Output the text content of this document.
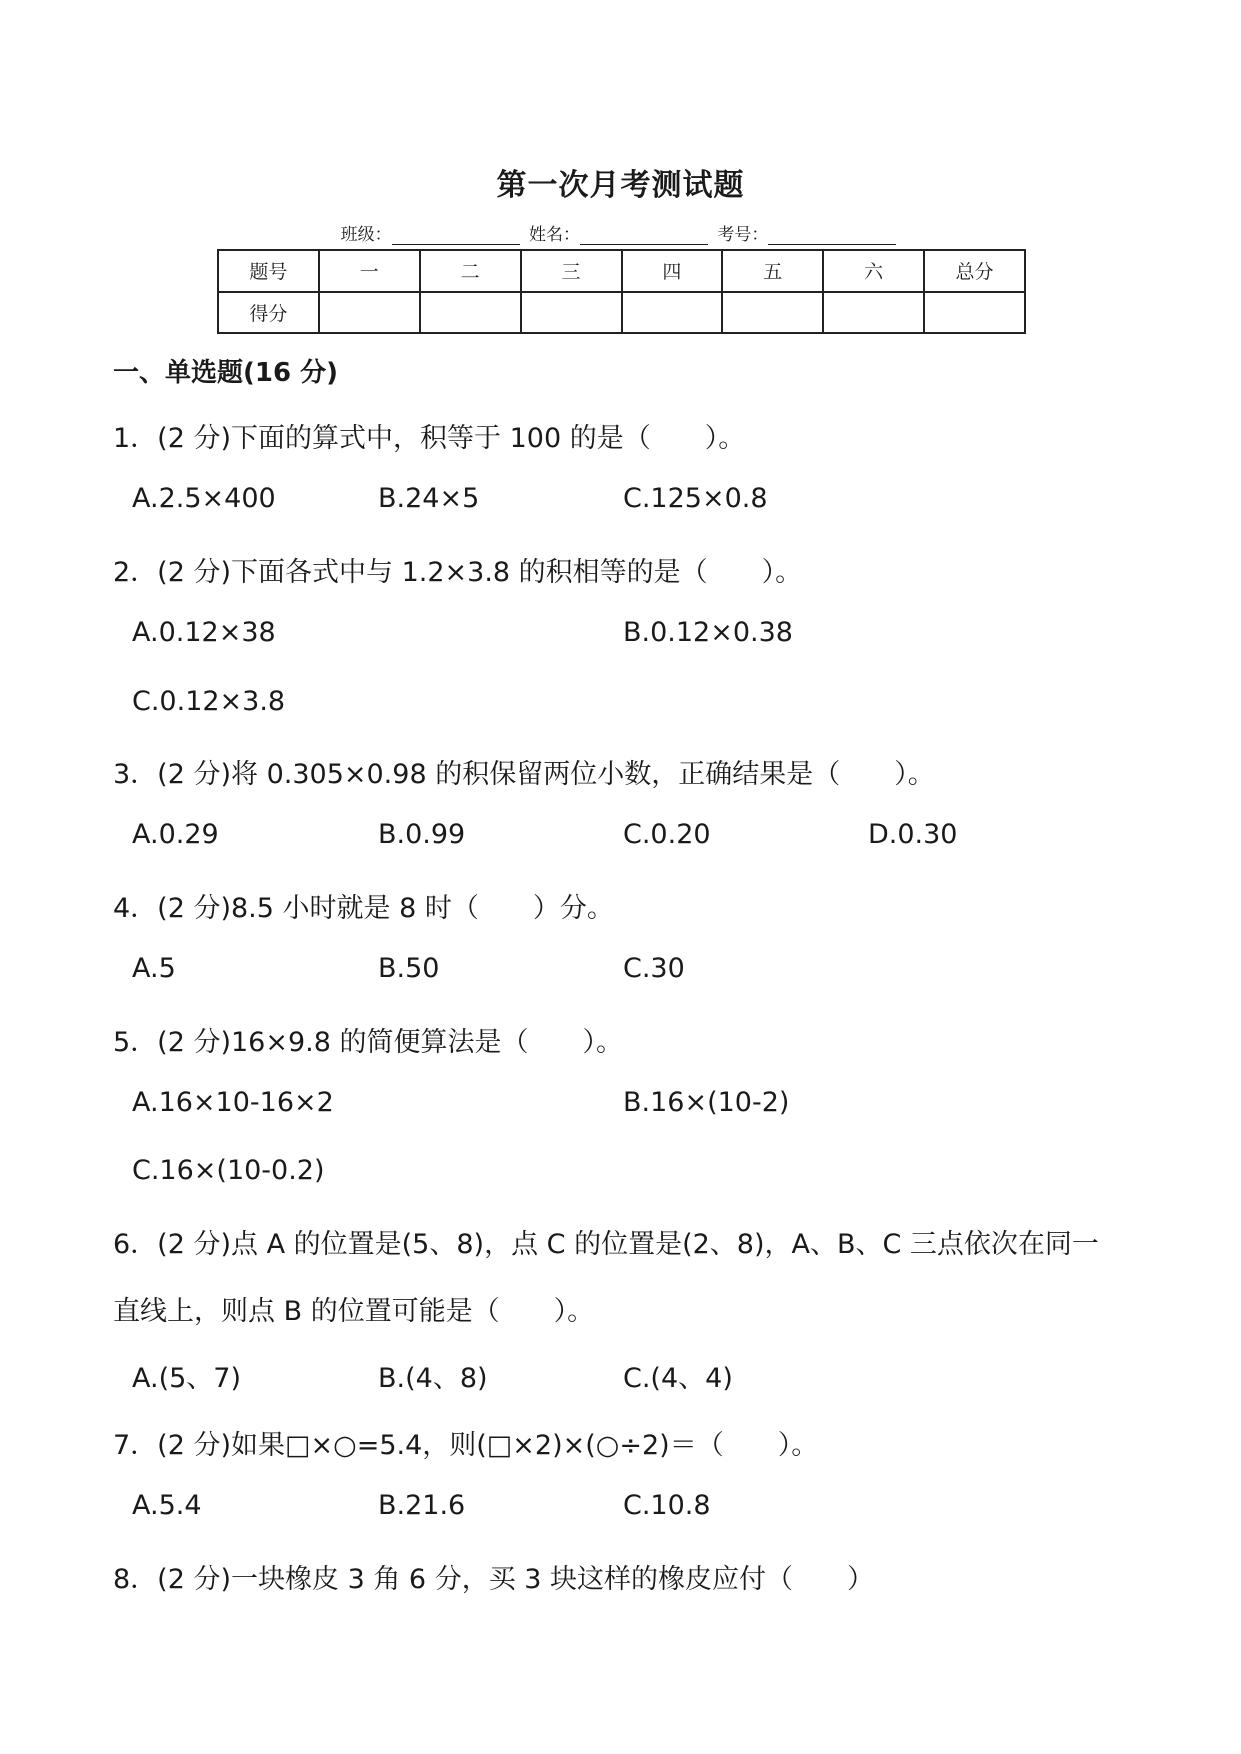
第一次月考测试题
班级：	姓名：	考号：
题号	一	二	三	四	五	六	总分
得分							
一、单选题(16 分)
1．(2 分)下面的算式中，积等于 100 的是（　　）。
A.2.5×400	B.24×5	C.125×0.8
2．(2 分)下面各式中与 1.2×3.8 的积相等的是（　　）。
A.0.12×38	B.0.12×0.38
C.0.12×3.8
3．(2 分)将 0.305×0.98 的积保留两位小数，正确结果是（　　）。
A.0.29	B.0.99	C.0.20	D.0.30
4．(2 分)8.5 小时就是 8 时（　　）分。
A.5	B.50	C.30
5．(2 分)16×9.8 的简便算法是（　　）。
A.16×10-16×2	B.16×(10-2)
C.16×(10-0.2)
6．(2 分)点 A 的位置是(5、8)，点 C 的位置是(2、8)，A、B、C 三点依次在同一
直线上，则点 B 的位置可能是（　　）。
A.(5、7)	B.(4、8)	C.(4、4)
7．(2 分)如果□×○=5.4，则(□×2)×(○÷2)＝（　　）。
A.5.4	B.21.6	C.10.8
8．(2 分)一块橡皮 3 角 6 分，买 3 块这样的橡皮应付（　　）
